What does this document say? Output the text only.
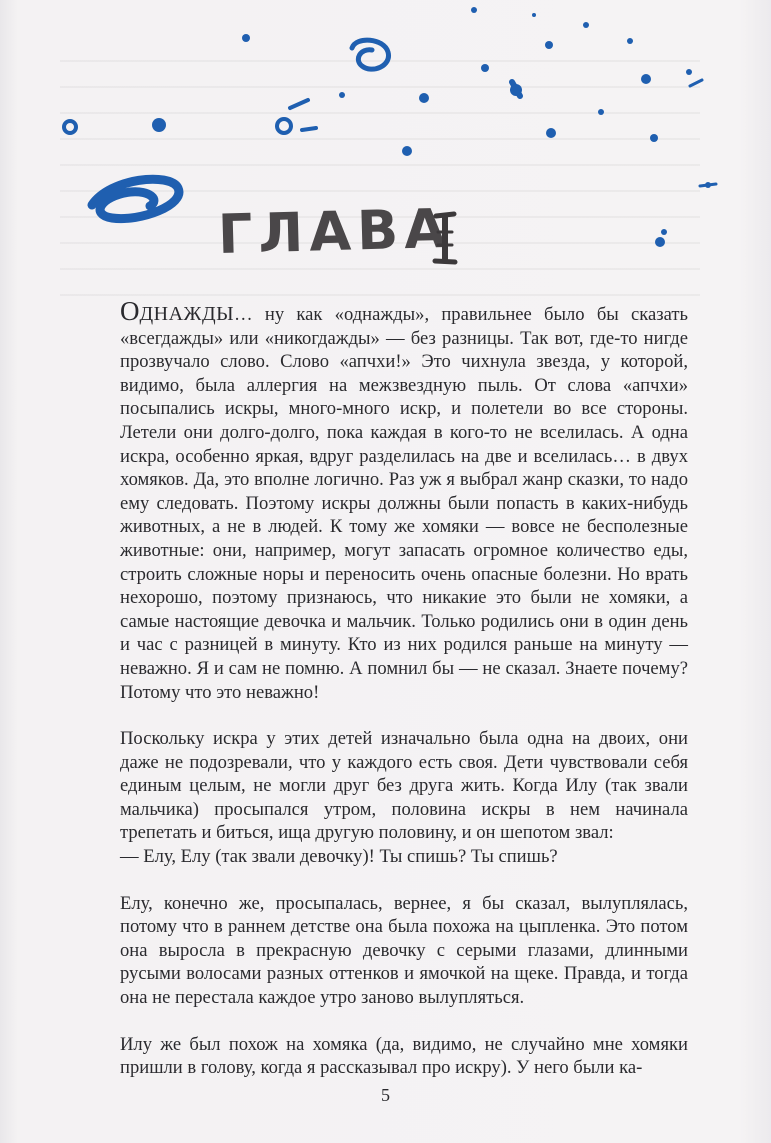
ГЛАВА

ОДНАЖДЫ… ну как «однажды», правильнее было бы сказать «всегдажды» или «никогдажды» — без разницы. Так вот, где-то нигде прозвучало слово. Слово «апчхи!» Это чихнула звезда, у которой, видимо, была аллергия на межзвездную пыль. От слова «апчхи» посыпались искры, много-много искр, и полетели во все стороны. Летели они долго-долго, пока каждая в кого-то не вселилась. А одна искра, особенно яркая, вдруг разделилась на две и вселилась… в двух хомяков. Да, это вполне логично. Раз уж я выбрал жанр сказки, то надо ему следовать. Поэтому искры должны были попасть в каких-нибудь животных, а не в людей. К тому же хомяки — вовсе не бесполезные животные: они, например, могут запасать огромное количество еды, строить сложные норы и переносить очень опасные болезни. Но врать нехорошо, поэтому признаюсь, что никакие это были не хомяки, а самые настоящие девочка и мальчик. Только родились они в один день и час с разницей в минуту. Кто из них родился раньше на минуту — неважно. Я и сам не помню. А помнил бы — не сказал. Знаете почему? Потому что это неважно!

Поскольку искра у этих детей изначально была одна на двоих, они даже не подозревали, что у каждого есть своя. Дети чувствовали себя единым целым, не могли друг без друга жить. Когда Илу (так звали мальчика) просыпался утром, половина искры в нем начинала трепетать и биться, ища другую половину, и он шепотом звал:
— Елу, Елу (так звали девочку)! Ты спишь? Ты спишь?

Елу, конечно же, просыпалась, вернее, я бы сказал, вылуплялась, потому что в раннем детстве она была похожа на цыпленка. Это потом она выросла в прекрасную девочку с серыми глазами, длинными русыми волосами разных оттенков и ямочкой на щеке. Правда, и тогда она не перестала каждое утро заново вылупляться.

Илу же был похож на хомяка (да, видимо, не случайно мне хомяки пришли в голову, когда я рассказывал про искру). У него были ка-

5
